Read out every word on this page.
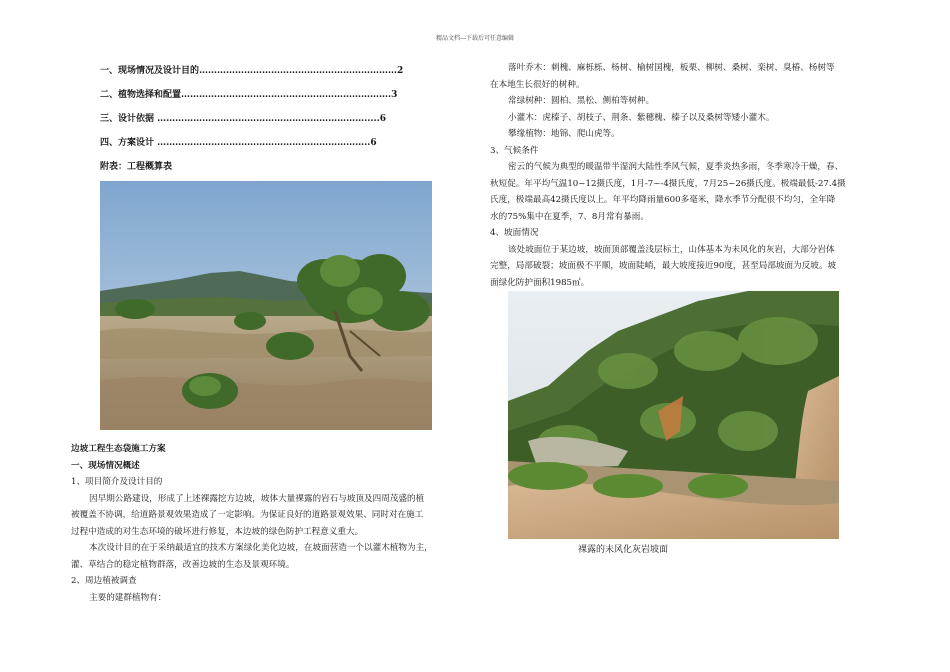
精品文档---下载后可任意编辑
一、现场情况及设计目的…………………………………………………………2
二、植物选择和配置…………………………………………………………….3
三、设计依据 …………………………………………………………….....6
四、方案设计 ……………………………………………………………..6
附表：工程概算表

边坡工程生态袋施工方案

一、现场情况概述

1、项目简介及设计目的

因早期公路建设，形成了上述裸露挖方边坡，坡体大量裸露的岩石与坡顶及四周茂盛的植

被覆盖不协调，给道路景观效果造成了一定影响。为保证良好的道路景观效果、同时对在施工

过程中造成的对生态环境的破坏进行修复，本边坡的绿色防护工程意义重大。

本次设计目的在于采纳最适宜的技术方案绿化美化边坡，在坡面营造一个以灌木植物为主，

灌、草结合的稳定植物群落，改善边坡的生态及景观环境。

2、周边植被调查

主要的建群植物有：

落叶乔木：刺槐、麻栎栎、杨树、榆树国槐，板栗、柳树、桑树、栾树、臭椿、杨树等

在本地生长很好的树种。

常绿树种：圆柏、黑松、侧柏等树种。

小灌木：虎榛子、胡枝子、荆条、紫穗槐、榛子以及桑树等矮小灌木。

攀缘植物：地锦、爬山虎等。

3、气候条件

密云的气候为典型的暖温带半湿润大陆性季风气候，夏季炎热多雨，冬季寒冷干燥，春、

秋短促。年平均气温10~12摄氏度，1月-7~-4摄氏度，7月25~26摄氏度。极端最低-27.4摄

氏度，极端最高42摄氏度以上。年平均降雨量600多毫米，降水季节分配很不均匀，全年降

水的75%集中在夏季，7、8月常有暴雨。

4、坡面情况

该处坡面位于某边坡，坡面顶部覆盖浅层标土，山体基本为未风化的灰岩，大部分岩体

完整，局部破裂；坡面极不平顺，坡面陡峭，最大坡度接近90度，甚至局部坡面为反坡。坡

面绿化防护面积1985㎡。

裸露的未风化灰岩坡面
